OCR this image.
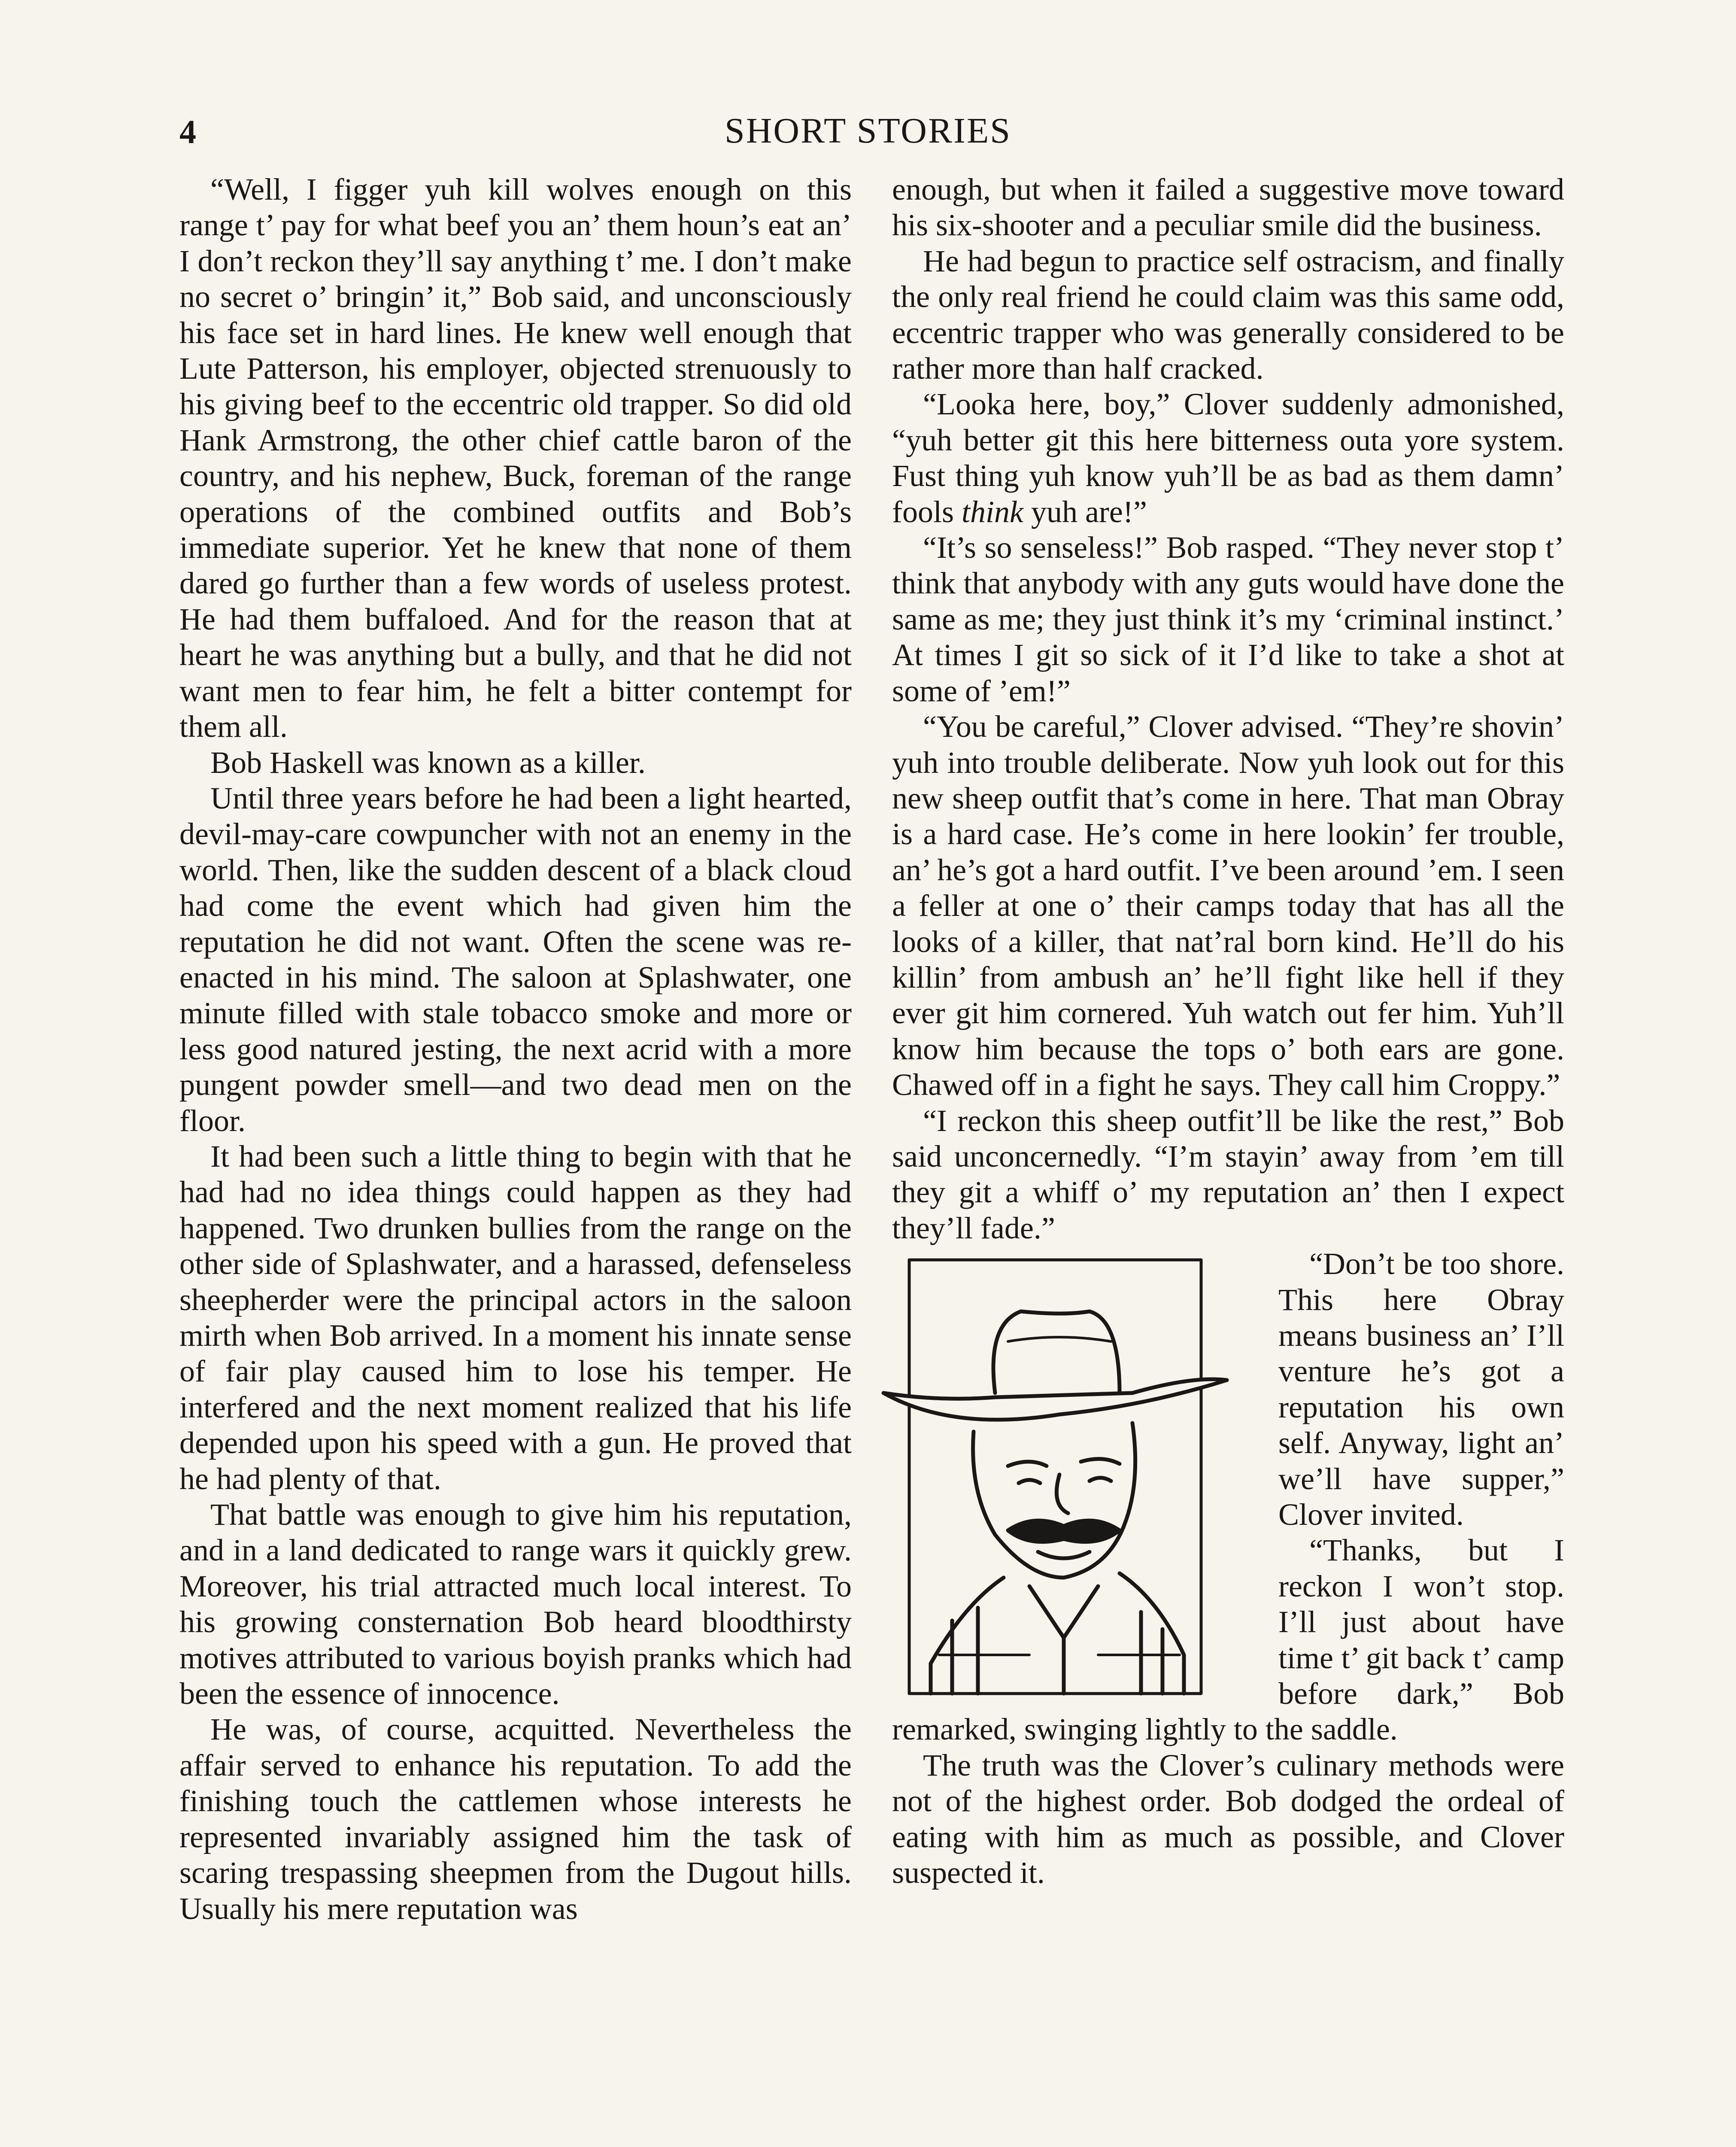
4	SHORT STORIES

“Well, I figger yuh kill wolves enough on this range t’ pay for what beef you an’ them houn’s eat an’ I don’t reckon they’ll say anything t’ me. I don’t make no secret o’ bringin’ it,” Bob said, and unconsciously his face set in hard lines. He knew well enough that Lute Patterson, his employer, objected strenuously to his giving beef to the eccentric old trapper. So did old Hank Armstrong, the other chief cattle baron of the country, and his nephew, Buck, foreman of the range operations of the combined outfits and Bob’s immediate superior. Yet he knew that none of them dared go further than a few words of useless protest. He had them buffaloed. And for the reason that at heart he was anything but a bully, and that he did not want men to fear him, he felt a bitter contempt for them all.

Bob Haskell was known as a killer.

Until three years before he had been a light hearted, devil-may-care cowpuncher with not an enemy in the world. Then, like the sudden descent of a black cloud had come the event which had given him the reputation he did not want. Often the scene was re-enacted in his mind. The saloon at Splashwater, one minute filled with stale tobacco smoke and more or less good natured jesting, the next acrid with a more pungent powder smell—and two dead men on the floor.

It had been such a little thing to begin with that he had had no idea things could happen as they had happened. Two drunken bullies from the range on the other side of Splashwater, and a harassed, defenseless sheepherder were the principal actors in the saloon mirth when Bob arrived. In a moment his innate sense of fair play caused him to lose his temper. He interfered and the next moment realized that his life depended upon his speed with a gun. He proved that he had plenty of that.

That battle was enough to give him his reputation, and in a land dedicated to range wars it quickly grew. Moreover, his trial attracted much local interest. To his growing consternation Bob heard bloodthirsty motives attributed to various boyish pranks which had been the essence of innocence.

He was, of course, acquitted. Nevertheless the affair served to enhance his reputation. To add the finishing touch the cattlemen whose interests he represented invariably assigned him the task of scaring trespassing sheepmen from the Dugout hills. Usually his mere reputation was

enough, but when it failed a suggestive move toward his six-shooter and a peculiar smile did the business.

He had begun to practice self ostracism, and finally the only real friend he could claim was this same odd, eccentric trapper who was generally considered to be rather more than half cracked.

“Looka here, boy,” Clover suddenly admonished, “yuh better git this here bitterness outa yore system. Fust thing yuh know yuh’ll be as bad as them damn’ fools think yuh are!”

“It’s so senseless!” Bob rasped. “They never stop t’ think that anybody with any guts would have done the same as me; they just think it’s my ‘criminal instinct.’ At times I git so sick of it I’d like to take a shot at some of ’em!”

“You be careful,” Clover advised. “They’re shovin’ yuh into trouble deliberate. Now yuh look out for this new sheep outfit that’s come in here. That man Obray is a hard case. He’s come in here lookin’ fer trouble, an’ he’s got a hard outfit. I’ve been around ’em. I seen a feller at one o’ their camps today that has all the looks of a killer, that nat’ral born kind. He’ll do his killin’ from ambush an’ he’ll fight like hell if they ever git him cornered. Yuh watch out fer him. Yuh’ll know him because the tops o’ both ears are gone. Chawed off in a fight he says. They call him Croppy.”

“I reckon this sheep outfit’ll be like the rest,” Bob said unconcernedly. “I’m stayin’ away from ’em till they git a whiff o’ my reputation an’ then I expect they’ll fade.”

“Don’t be too shore. This here Obray means business an’ I’ll venture he’s got a reputation his own self. Anyway, light an’ we’ll have supper,” Clover invited.

“Thanks, but I reckon I won’t stop. I’ll just about have time t’ git back t’ camp before dark,” Bob remarked, swinging lightly to the saddle.

The truth was the Clover’s culinary methods were not of the highest order. Bob dodged the ordeal of eating with him as much as possible, and Clover suspected it.
